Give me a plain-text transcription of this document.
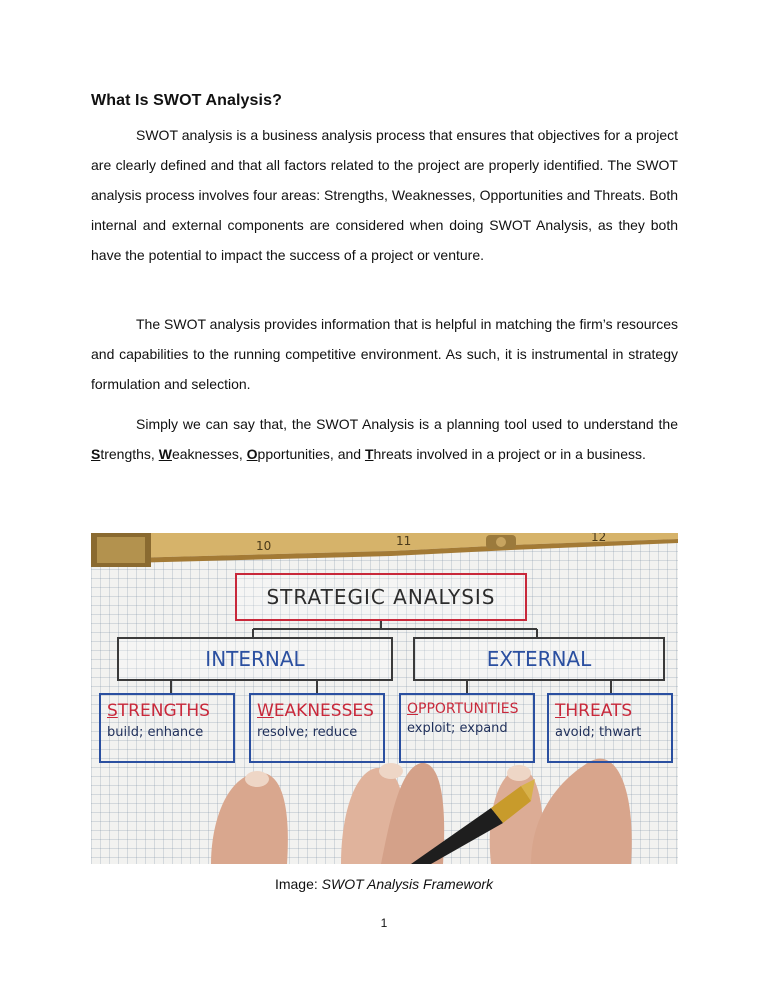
What Is SWOT Analysis?

SWOT analysis is a business analysis process that ensures that objectives for a project are clearly defined and that all factors related to the project are properly identified. The SWOT analysis process involves four areas: Strengths, Weaknesses, Opportunities and Threats. Both internal and external components are considered when doing SWOT Analysis, as they both have the potential to impact the success of a project or venture.

The SWOT analysis provides information that is helpful in matching the firm’s resources and capabilities to the running competitive environment. As such, it is instrumental in strategy formulation and selection.

Simply we can say that, the SWOT Analysis is a planning tool used to understand the Strengths, Weaknesses, Opportunities, and Threats involved in a project or in a business.

10	11	12
STRATEGIC ANALYSIS
INTERNAL	EXTERNAL
STRENGTHS
build; enhance
WEAKNESSES
resolve; reduce
OPPORTUNITIES
exploit; expand
THREATS
avoid; thwart
Image: SWOT Analysis Framework
1
